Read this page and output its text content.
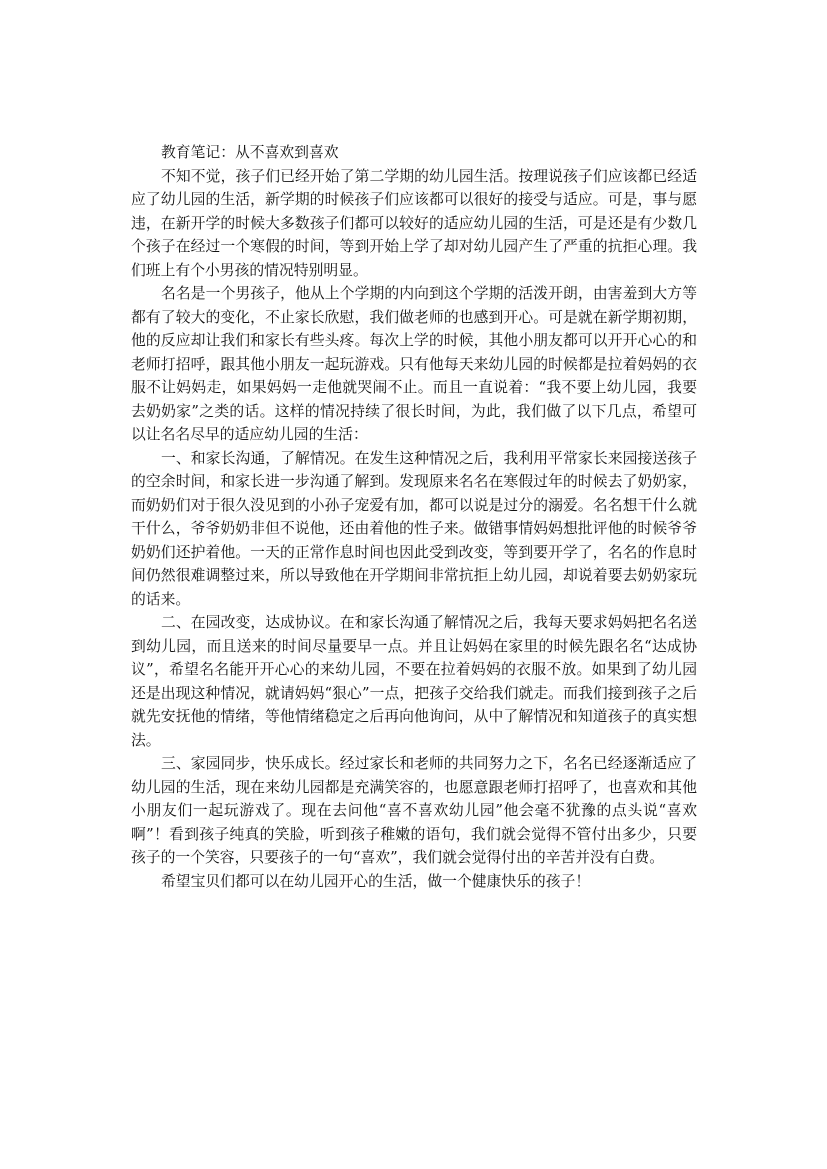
教育笔记：从不喜欢到喜欢

不知不觉，孩子们已经开始了第二学期的幼儿园生活。按理说孩子们应该都已经适应了幼儿园的生活，新学期的时候孩子们应该都可以很好的接受与适应。可是，事与愿违，在新开学的时候大多数孩子们都可以较好的适应幼儿园的生活，可是还是有少数几个孩子在经过一个寒假的时间，等到开始上学了却对幼儿园产生了严重的抗拒心理。我们班上有个小男孩的情况特别明显。

名名是一个男孩子，他从上个学期的内向到这个学期的活泼开朗，由害羞到大方等都有了较大的变化，不止家长欣慰，我们做老师的也感到开心。可是就在新学期初期，他的反应却让我们和家长有些头疼。每次上学的时候，其他小朋友都可以开开心心的和老师打招呼，跟其他小朋友一起玩游戏。只有他每天来幼儿园的时候都是拉着妈妈的衣服不让妈妈走，如果妈妈一走他就哭闹不止。而且一直说着：“我不要上幼儿园，我要去奶奶家”之类的话。这样的情况持续了很长时间，为此，我们做了以下几点，希望可以让名名尽早的适应幼儿园的生活：

一、和家长沟通，了解情况。在发生这种情况之后，我利用平常家长来园接送孩子的空余时间，和家长进一步沟通了解到。发现原来名名在寒假过年的时候去了奶奶家，而奶奶们对于很久没见到的小孙子宠爱有加，都可以说是过分的溺爱。名名想干什么就干什么，爷爷奶奶非但不说他，还由着他的性子来。做错事情妈妈想批评他的时候爷爷奶奶们还护着他。一天的正常作息时间也因此受到改变，等到要开学了，名名的作息时间仍然很难调整过来，所以导致他在开学期间非常抗拒上幼儿园，却说着要去奶奶家玩的话来。

二、在园改变，达成协议。在和家长沟通了解情况之后，我每天要求妈妈把名名送到幼儿园，而且送来的时间尽量要早一点。并且让妈妈在家里的时候先跟名名“达成协议”，希望名名能开开心心的来幼儿园，不要在拉着妈妈的衣服不放。如果到了幼儿园还是出现这种情况，就请妈妈“狠心”一点，把孩子交给我们就走。而我们接到孩子之后就先安抚他的情绪，等他情绪稳定之后再向他询问，从中了解情况和知道孩子的真实想法。

三、家园同步，快乐成长。经过家长和老师的共同努力之下，名名已经逐渐适应了幼儿园的生活，现在来幼儿园都是充满笑容的，也愿意跟老师打招呼了，也喜欢和其他小朋友们一起玩游戏了。现在去问他“喜不喜欢幼儿园”他会毫不犹豫的点头说“喜欢啊”！看到孩子纯真的笑脸，听到孩子稚嫩的语句，我们就会觉得不管付出多少，只要孩子的一个笑容，只要孩子的一句“喜欢”，我们就会觉得付出的辛苦并没有白费。

希望宝贝们都可以在幼儿园开心的生活，做一个健康快乐的孩子！
